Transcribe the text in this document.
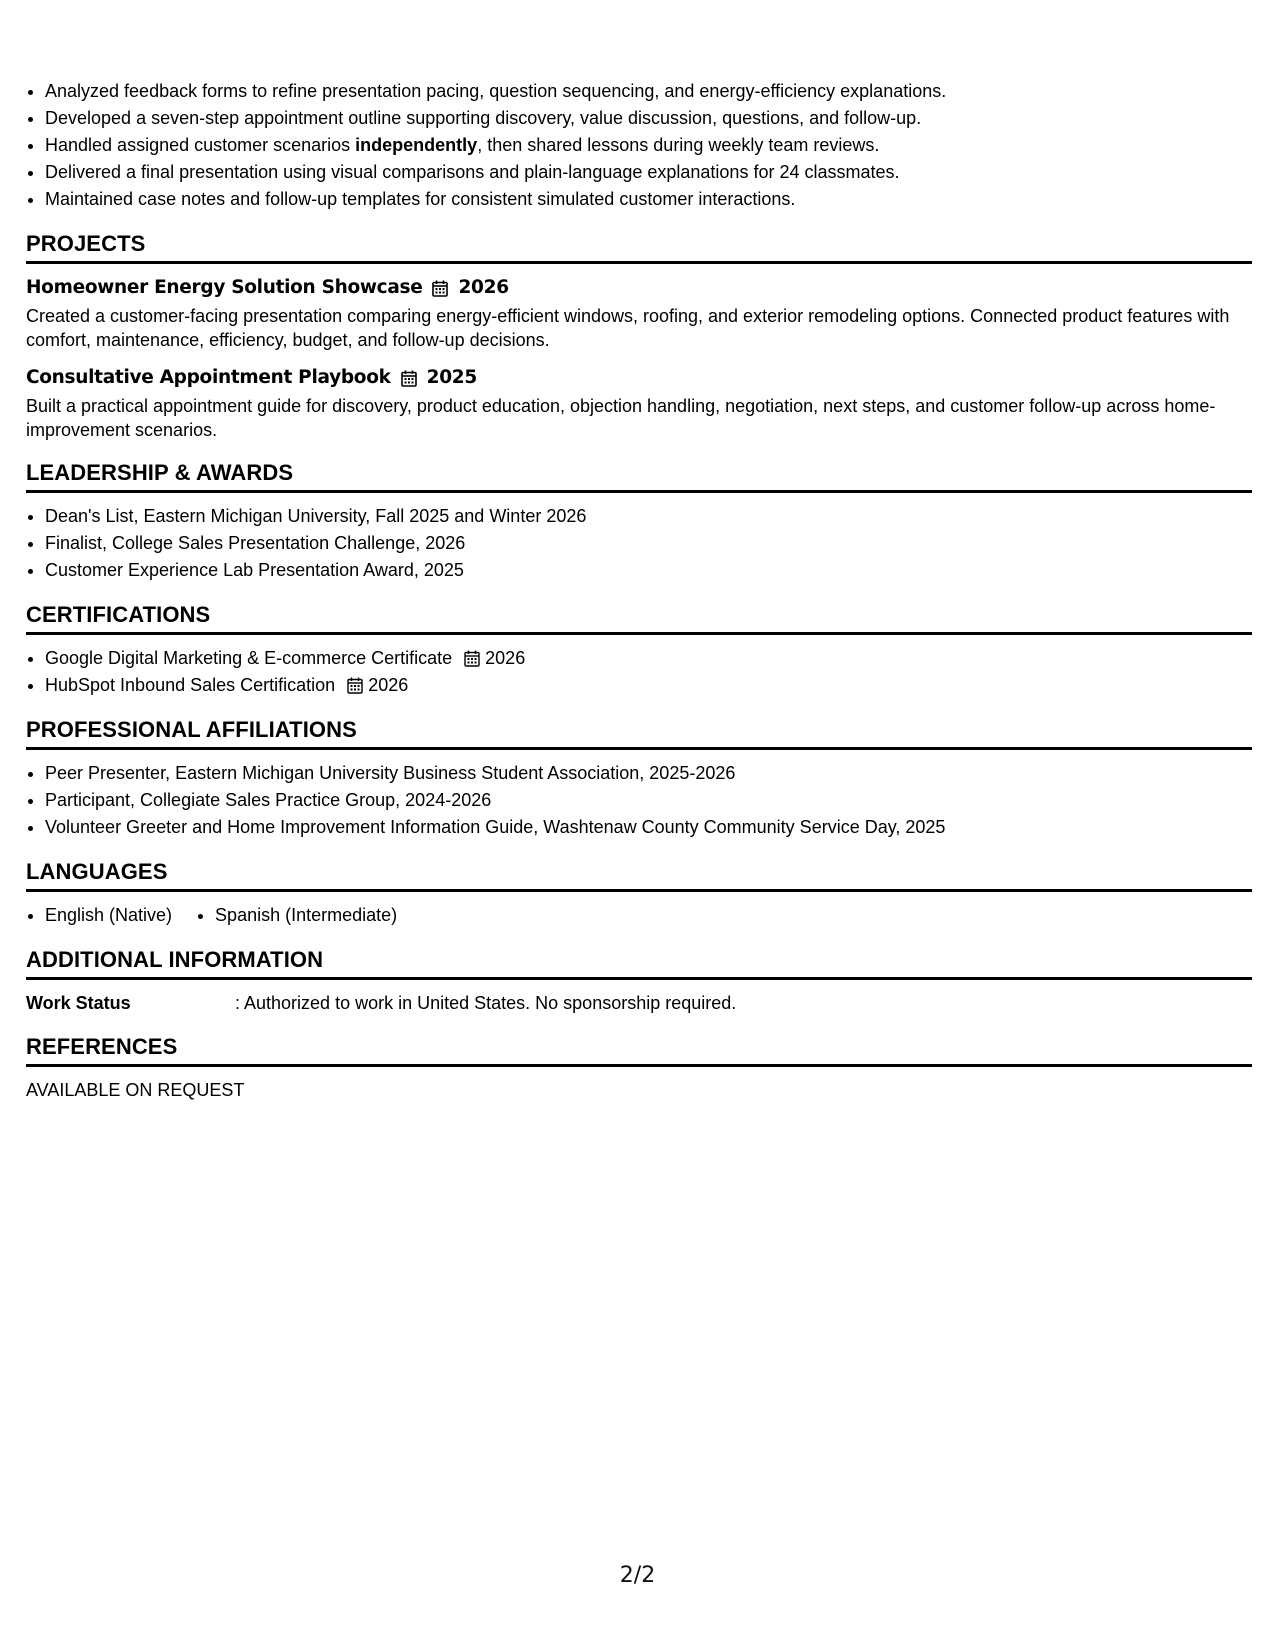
• Analyzed feedback forms to refine presentation pacing, question sequencing, and energy-efficiency explanations.
• Developed a seven-step appointment outline supporting discovery, value discussion, questions, and follow-up.
• Handled assigned customer scenarios independently, then shared lessons during weekly team reviews.
• Delivered a final presentation using visual comparisons and plain-language explanations for 24 classmates.
• Maintained case notes and follow-up templates for consistent simulated customer interactions.
PROJECTS
Homeowner Energy Solution Showcase 2026
Created a customer-facing presentation comparing energy-efficient windows, roofing, and exterior remodeling options. Connected product features with comfort, maintenance, efficiency, budget, and follow-up decisions.
Consultative Appointment Playbook 2025
Built a practical appointment guide for discovery, product education, objection handling, negotiation, next steps, and customer follow-up across home-improvement scenarios.
LEADERSHIP & AWARDS
• Dean's List, Eastern Michigan University, Fall 2025 and Winter 2026
• Finalist, College Sales Presentation Challenge, 2026
• Customer Experience Lab Presentation Award, 2025
CERTIFICATIONS
• Google Digital Marketing & E-commerce Certificate 2026
• HubSpot Inbound Sales Certification 2026
PROFESSIONAL AFFILIATIONS
• Peer Presenter, Eastern Michigan University Business Student Association, 2025-2026
• Participant, Collegiate Sales Practice Group, 2024-2026
• Volunteer Greeter and Home Improvement Information Guide, Washtenaw County Community Service Day, 2025
LANGUAGES
• English (Native)
• Spanish (Intermediate)
ADDITIONAL INFORMATION
Work Status	: Authorized to work in United States. No sponsorship required.
REFERENCES
AVAILABLE ON REQUEST
2/2
